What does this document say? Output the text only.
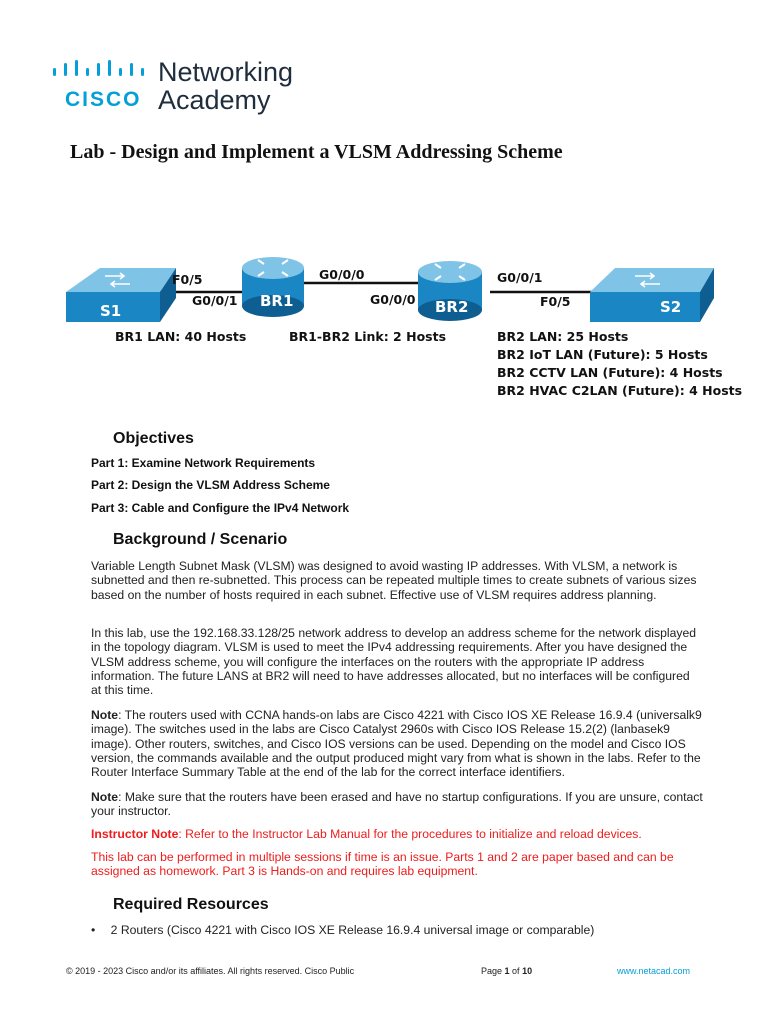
CISCO
Networking
Academy
Lab - Design and Implement a VLSM Addressing Scheme
S1
BR1	BR2	S2
F0/5
G0/0/1
G0/0/0
G0/0/0
G0/0/1
F0/5
BR1 LAN: 40 Hosts	BR1-BR2 Link: 2 Hosts	BR2 LAN: 25 Hosts
BR2 IoT LAN (Future): 5 Hosts
BR2 CCTV LAN (Future): 4 Hosts
BR2 HVAC C2LAN (Future): 4 Hosts
Objectives
Part 1: Examine Network Requirements
Part 2: Design the VLSM Address Scheme
Part 3: Cable and Configure the IPv4 Network
Background / Scenario
Variable Length Subnet Mask (VLSM) was designed to avoid wasting IP addresses. With VLSM, a network is subnetted and then re-subnetted. This process can be repeated multiple times to create subnets of various sizes based on the number of hosts required in each subnet. Effective use of VLSM requires address planning.
In this lab, use the 192.168.33.128/25 network address to develop an address scheme for the network displayed in the topology diagram. VLSM is used to meet the IPv4 addressing requirements. After you have designed the VLSM address scheme, you will configure the interfaces on the routers with the appropriate IP address information. The future LANS at BR2 will need to have addresses allocated, but no interfaces will be configured at this time.
Note: The routers used with CCNA hands-on labs are Cisco 4221 with Cisco IOS XE Release 16.9.4 (universalk9 image). The switches used in the labs are Cisco Catalyst 2960s with Cisco IOS Release 15.2(2) (lanbasek9 image). Other routers, switches, and Cisco IOS versions can be used. Depending on the model and Cisco IOS version, the commands available and the output produced might vary from what is shown in the labs. Refer to the Router Interface Summary Table at the end of the lab for the correct interface identifiers.
Note: Make sure that the routers have been erased and have no startup configurations. If you are unsure, contact your instructor.
Instructor Note: Refer to the Instructor Lab Manual for the procedures to initialize and reload devices.
This lab can be performed in multiple sessions if time is an issue. Parts 1 and 2 are paper based and can be assigned as homework. Part 3 is Hands-on and requires lab equipment.
Required Resources
• 2 Routers (Cisco 4221 with Cisco IOS XE Release 16.9.4 universal image or comparable)
© 2019 - 2023 Cisco and/or its affiliates. All rights reserved. Cisco Public	Page 1 of 10	www.netacad.com
